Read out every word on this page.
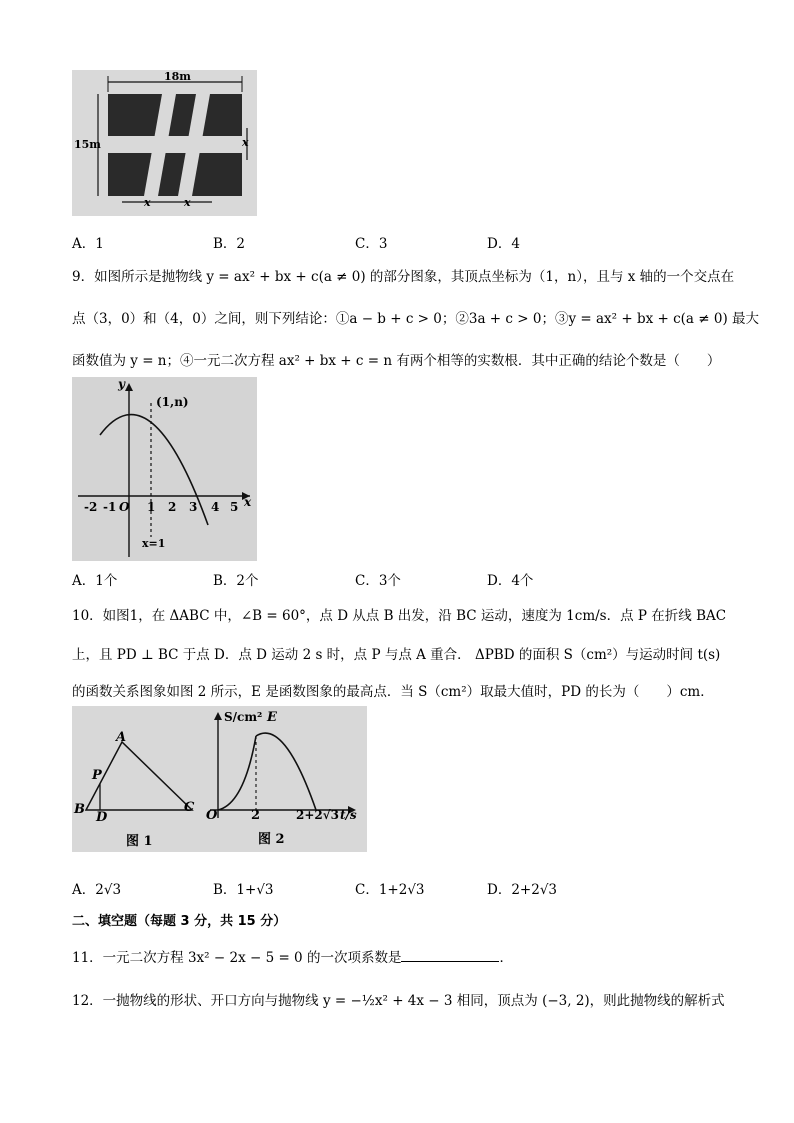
18m
15m	x
x	x
A．1	B．2	C．3	D．4
9．如图所示是抛物线 y = ax² + bx + c(a ≠ 0) 的部分图象，其顶点坐标为（1，n），且与 x 轴的一个交点在
点（3，0）和（4，0）之间，则下列结论：①a − b + c > 0；②3a + c > 0；③y = ax² + bx + c(a ≠ 0) 最大
函数值为 y = n；④一元二次方程 ax² + bx + c = n 有两个相等的实数根．其中正确的结论个数是（　　）
(1,n)
y
x
O
-2 -1	1 2 3 4 5
x=1
A．1个	B．2个	C．3个	D．4个
10．如图1，在 ΔABC 中，∠B = 60°，点 D 从点 B 出发，沿 BC 运动，速度为 1cm/s．点 P 在折线 BAC
上，且 PD ⊥ BC 于点 D．点 D 运动 2 s 时，点 P 与点 A 重合． ΔPBD 的面积 S（cm²）与运动时间 t(s)
的函数关系图象如图 2 所示，E 是函数图象的最高点．当 S（cm²）取最大值时，PD 的长为（　　）cm．
A
P
B
D
C
图 1
S/cm² E
O	2	2+2√3 t/s
图 2
A．2√3	B．1+√3	C．1+2√3	D．2+2√3
二、填空题（每题 3 分，共 15 分）
11．一元二次方程 3x² − 2x − 5 = 0 的一次项系数是	．
12．一抛物线的形状、开口方向与抛物线 y = −½x² + 4x − 3 相同，顶点为 (−3, 2)，则此抛物线的解析式
